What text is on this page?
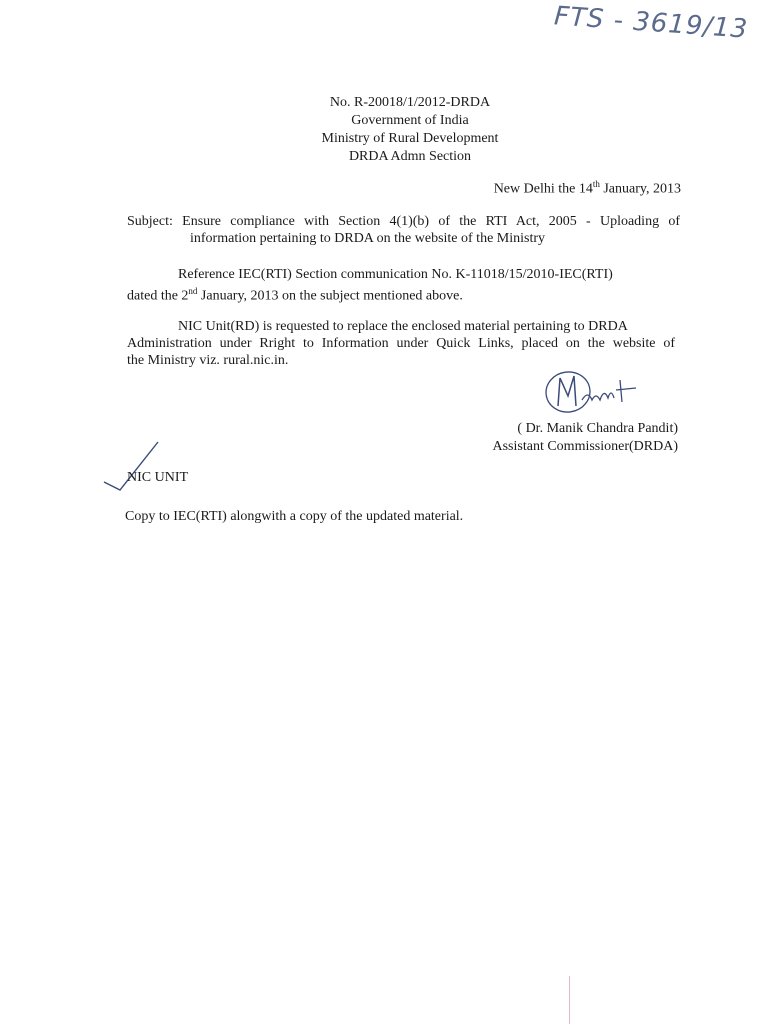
FTS - 3619/13
No. R-20018/1/2012-DRDA
Government of India
Ministry of Rural Development
DRDA Admn Section
New Delhi the 14th January, 2013
Subject: Ensure compliance with Section 4(1)(b) of the RTI Act, 2005 - Uploading of
information pertaining to DRDA on the website of the Ministry
Reference IEC(RTI) Section communication No. K-11018/15/2010-IEC(RTI)
dated the 2nd January, 2013 on the subject mentioned above.
NIC Unit(RD) is requested to replace the enclosed material pertaining to DRDA
Administration under Rright to Information under Quick Links, placed on the website of
the Ministry viz. rural.nic.in.
( Dr. Manik Chandra Pandit)
Assistant Commissioner(DRDA)
NIC UNIT
Copy to IEC(RTI) alongwith a copy of the updated material.
